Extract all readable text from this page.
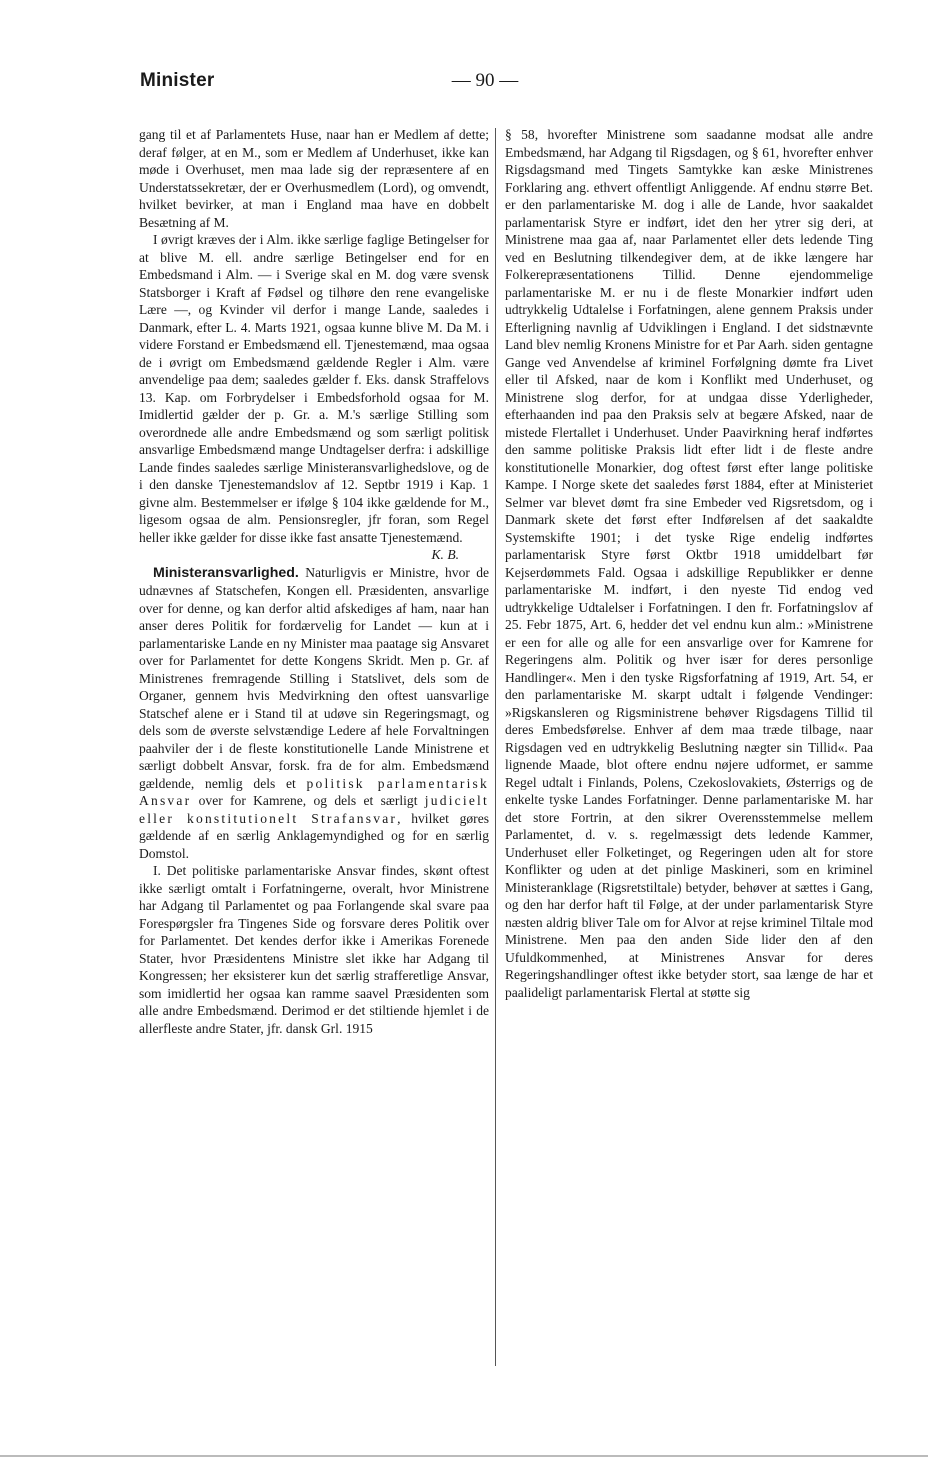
Minister	— 90 —

gang til et af Parlamentets Huse, naar han er Medlem af dette; deraf følger, at en M., som er Medlem af Underhuset, ikke kan møde i Overhuset, men maa lade sig der repræsentere af en Understatssekretær, der er Overhusmedlem (Lord), og omvendt, hvilket bevirker, at man i England maa have en dobbelt Besætning af M.

I øvrigt kræves der i Alm. ikke særlige faglige Betingelser for at blive M. ell. andre særlige Betingelser end for en Embedsmand i Alm. — i Sverige skal en M. dog være svensk Statsborger i Kraft af Fødsel og tilhøre den rene evangeliske Lære —, og Kvinder vil derfor i mange Lande, saaledes i Danmark, efter L. 4. Marts 1921, ogsaa kunne blive M. Da M. i videre Forstand er Embedsmænd ell. Tjenestemænd, maa ogsaa de i øvrigt om Embedsmænd gældende Regler i Alm. være anvendelige paa dem; saaledes gælder f. Eks. dansk Straffelovs 13. Kap. om Forbrydelser i Embedsforhold ogsaa for M. Imidlertid gælder der p. Gr. a. M.'s særlige Stilling som overordnede alle andre Embedsmænd og som særligt politisk ansvarlige Embedsmænd mange Undtagelser derfra: i adskillige Lande findes saaledes særlige Ministeransvarlighedslove, og de i den danske Tjenestemandslov af 12. Septbr 1919 i Kap. 1 givne alm. Bestemmelser er ifølge § 104 ikke gældende for M., ligesom ogsaa de alm. Pensionsregler, jfr foran, som Regel heller ikke gælder for disse ikke fast ansatte Tjenestemænd.
K. B.

Ministeransvarlighed. Naturligvis er Ministre, hvor de udnævnes af Statschefen, Kongen ell. Præsidenten, ansvarlige over for denne, og kan derfor altid afskediges af ham, naar han anser deres Politik for fordærvelig for Landet — kun at i parlamentariske Lande en ny Minister maa paatage sig Ansvaret over for Parlamentet for dette Kongens Skridt. Men p. Gr. af Ministrenes fremragende Stilling i Statslivet, dels som de Organer, gennem hvis Medvirkning den oftest uansvarlige Statschef alene er i Stand til at udøve sin Regeringsmagt, og dels som de øverste selvstændige Ledere af hele Forvaltningen paahviler der i de fleste konstitutionelle Lande Ministrene et særligt dobbelt Ansvar, forsk. fra de for alm. Embedsmænd gældende, nemlig dels et politisk parlamentarisk Ansvar over for Kamrene, og dels et særligt judicielt eller konstitutionelt Strafansvar, hvilket gøres gældende af en særlig Anklagemyndighed og for en særlig Domstol.

I. Det politiske parlamentariske Ansvar findes, skønt oftest ikke særligt omtalt i Forfatningerne, overalt, hvor Ministrene har Adgang til Parlamentet og paa Forlangende skal svare paa Forespørgsler fra Tingenes Side og forsvare deres Politik over for Parlamentet. Det kendes derfor ikke i Amerikas Forenede Stater, hvor Præsidentens Ministre slet ikke har Adgang til Kongressen; her eksisterer kun det særlig strafferetlige Ansvar, som imidlertid her ogsaa kan ramme saavel Præsidenten som alle andre Embedsmænd. Derimod er det stiltiende hjemlet i de allerfleste andre Stater, jfr. dansk Grl. 1915

§ 58, hvorefter Ministrene som saadanne modsat alle andre Embedsmænd, har Adgang til Rigsdagen, og § 61, hvorefter enhver Rigsdagsmand med Tingets Samtykke kan æske Ministrenes Forklaring ang. ethvert offentligt Anliggende. Af endnu større Bet. er den parlamentariske M. dog i alle de Lande, hvor saakaldet parlamentarisk Styre er indført, idet den her ytrer sig deri, at Ministrene maa gaa af, naar Parlamentet eller dets ledende Ting ved en Beslutning tilkendegiver dem, at de ikke længere har Folkerepræsentationens Tillid. Denne ejendommelige parlamentariske M. er nu i de fleste Monarkier indført uden udtrykkelig Udtalelse i Forfatningen, alene gennem Praksis under Efterligning navnlig af Udviklingen i England. I det sidstnævnte Land blev nemlig Kronens Ministre for et Par Aarh. siden gentagne Gange ved Anvendelse af kriminel Forfølgning dømte fra Livet eller til Afsked, naar de kom i Konflikt med Underhuset, og Ministrene slog derfor, for at undgaa disse Yderligheder, efterhaanden ind paa den Praksis selv at begære Afsked, naar de mistede Flertallet i Underhuset. Under Paavirkning heraf indførtes den samme politiske Praksis lidt efter lidt i de fleste andre konstitutionelle Monarkier, dog oftest først efter lange politiske Kampe. I Norge skete det saaledes først 1884, efter at Ministeriet Selmer var blevet dømt fra sine Embeder ved Rigsretsdom, og i Danmark skete det først efter Indførelsen af det saakaldte Systemskifte 1901; i det tyske Rige endelig indførtes parlamentarisk Styre først Oktbr 1918 umiddelbart før Kejserdømmets Fald. Ogsaa i adskillige Republikker er denne parlamentariske M. indført, i den nyeste Tid endog ved udtrykkelige Udtalelser i Forfatningen. I den fr. Forfatningslov af 25. Febr 1875, Art. 6, hedder det vel endnu kun alm.: »Ministrene er een for alle og alle for een ansvarlige over for Kamrene for Regeringens alm. Politik og hver især for deres personlige Handlinger«. Men i den tyske Rigsforfatning af 1919, Art. 54, er den parlamentariske M. skarpt udtalt i følgende Vendinger: »Rigskansleren og Rigsministrene behøver Rigsdagens Tillid til deres Embedsførelse. Enhver af dem maa træde tilbage, naar Rigsdagen ved en udtrykkelig Beslutning nægter sin Tillid«. Paa lignende Maade, blot oftere endnu nøjere udformet, er samme Regel udtalt i Finlands, Polens, Czekoslovakiets, Østerrigs og de enkelte tyske Landes Forfatninger. Denne parlamentariske M. har det store Fortrin, at den sikrer Overensstemmelse mellem Parlamentet, d. v. s. regelmæssigt dets ledende Kammer, Underhuset eller Folketinget, og Regeringen uden alt for store Konflikter og uden at det pinlige Maskineri, som en kriminel Ministeranklage (Rigsretstiltale) betyder, behøver at sættes i Gang, og den har derfor haft til Følge, at der under parlamentarisk Styre næsten aldrig bliver Tale om for Alvor at rejse kriminel Tiltale mod Ministrene. Men paa den anden Side lider den af den Ufuldkommenhed, at Ministrenes Ansvar for deres Regeringshandlinger oftest ikke betyder stort, saa længe de har et paalideligt parlamentarisk Flertal at støtte sig
